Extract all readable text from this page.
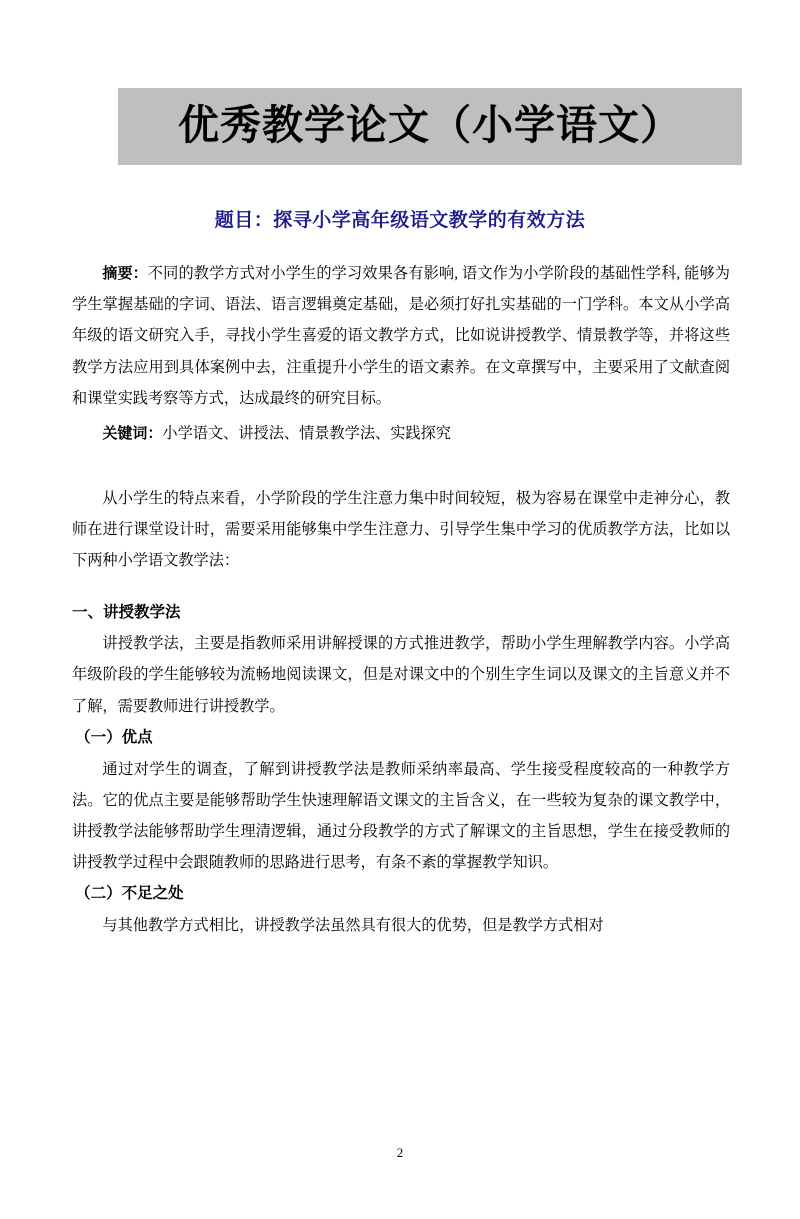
优秀教学论文（小学语文）
题目：探寻小学高年级语文教学的有效方法

摘要：不同的教学方式对小学生的学习效果各有影响, 语文作为小学阶段的基础性学科, 能够为学生掌握基础的字词、语法、语言逻辑奠定基础，是必须打好扎实基础的一门学科。本文从小学高年级的语文研究入手，寻找小学生喜爱的语文教学方式，比如说讲授教学、情景教学等，并将这些教学方法应用到具体案例中去，注重提升小学生的语文素养。在文章撰写中，主要采用了文献查阅和课堂实践考察等方式，达成最终的研究目标。

关键词：小学语文、讲授法、情景教学法、实践探究

从小学生的特点来看，小学阶段的学生注意力集中时间较短，极为容易在课堂中走神分心，教师在进行课堂设计时，需要采用能够集中学生注意力、引导学生集中学习的优质教学方法，比如以下两种小学语文教学法：

一、讲授教学法

讲授教学法，主要是指教师采用讲解授课的方式推进教学，帮助小学生理解教学内容。小学高年级阶段的学生能够较为流畅地阅读课文，但是对课文中的个别生字生词以及课文的主旨意义并不了解，需要教师进行讲授教学。

（一）优点

通过对学生的调查，了解到讲授教学法是教师采纳率最高、学生接受程度较高的一种教学方法。它的优点主要是能够帮助学生快速理解语文课文的主旨含义，在一些较为复杂的课文教学中，讲授教学法能够帮助学生理清逻辑，通过分段教学的方式了解课文的主旨思想，学生在接受教师的讲授教学过程中会跟随教师的思路进行思考，有条不紊的掌握教学知识。

（二）不足之处

与其他教学方式相比，讲授教学法虽然具有很大的优势，但是教学方式相对

2
